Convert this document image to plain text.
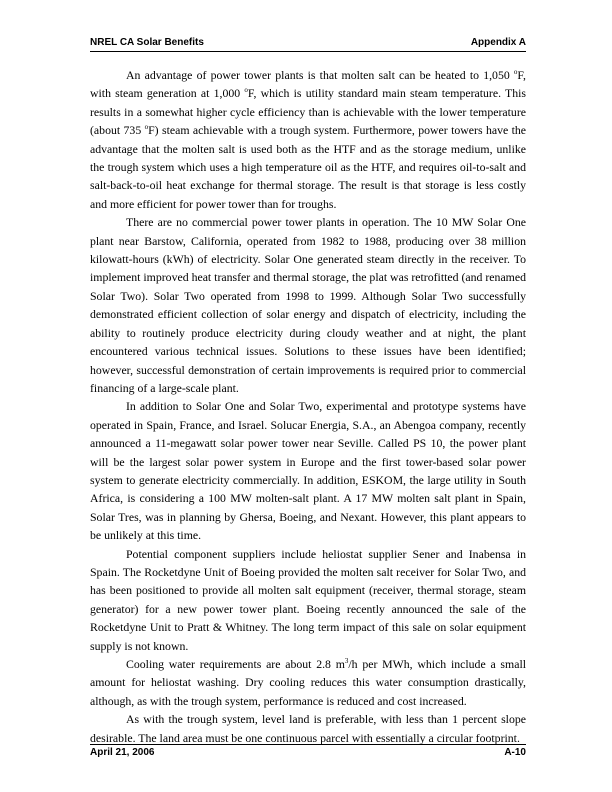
NREL CA Solar Benefits	Appendix A

An advantage of power tower plants is that molten salt can be heated to 1,050 $^o$F, with steam generation at 1,000 $^o$F, which is utility standard main steam temperature. This results in a somewhat higher cycle efficiency than is achievable with the lower temperature (about 735 $^o$F) steam achievable with a trough system. Furthermore, power towers have the advantage that the molten salt is used both as the HTF and as the storage medium, unlike the trough system which uses a high temperature oil as the HTF, and requires oil-to-salt and salt-back-to-oil heat exchange for thermal storage. The result is that storage is less costly and more efficient for power tower than for troughs.

There are no commercial power tower plants in operation. The 10 MW Solar One plant near Barstow, California, operated from 1982 to 1988, producing over 38 million kilowatt-hours (kWh) of electricity. Solar One generated steam directly in the receiver. To implement improved heat transfer and thermal storage, the plat was retrofitted (and renamed Solar Two). Solar Two operated from 1998 to 1999. Although Solar Two successfully demonstrated efficient collection of solar energy and dispatch of electricity, including the ability to routinely produce electricity during cloudy weather and at night, the plant encountered various technical issues. Solutions to these issues have been identified; however, successful demonstration of certain improvements is required prior to commercial financing of a large-scale plant.

In addition to Solar One and Solar Two, experimental and prototype systems have operated in Spain, France, and Israel. Solucar Energia, S.A., an Abengoa company, recently announced a 11-megawatt solar power tower near Seville. Called PS 10, the power plant will be the largest solar power system in Europe and the first tower-based solar power system to generate electricity commercially. In addition, ESKOM, the large utility in South Africa, is considering a 100 MW molten-salt plant. A 17 MW molten salt plant in Spain, Solar Tres, was in planning by Ghersa, Boeing, and Nexant. However, this plant appears to be unlikely at this time.

Potential component suppliers include heliostat supplier Sener and Inabensa in Spain. The Rocketdyne Unit of Boeing provided the molten salt receiver for Solar Two, and has been positioned to provide all molten salt equipment (receiver, thermal storage, steam generator) for a new power tower plant. Boeing recently announced the sale of the Rocketdyne Unit to Pratt & Whitney. The long term impact of this sale on solar equipment supply is not known.

Cooling water requirements are about 2.8 $m^3/h$ per MWh, which include a small amount for heliostat washing. Dry cooling reduces this water consumption drastically, although, as with the trough system, performance is reduced and cost increased.

As with the trough system, level land is preferable, with less than 1 percent slope desirable. The land area must be one continuous parcel with essentially a circular footprint.

April 21, 2006	A-10
